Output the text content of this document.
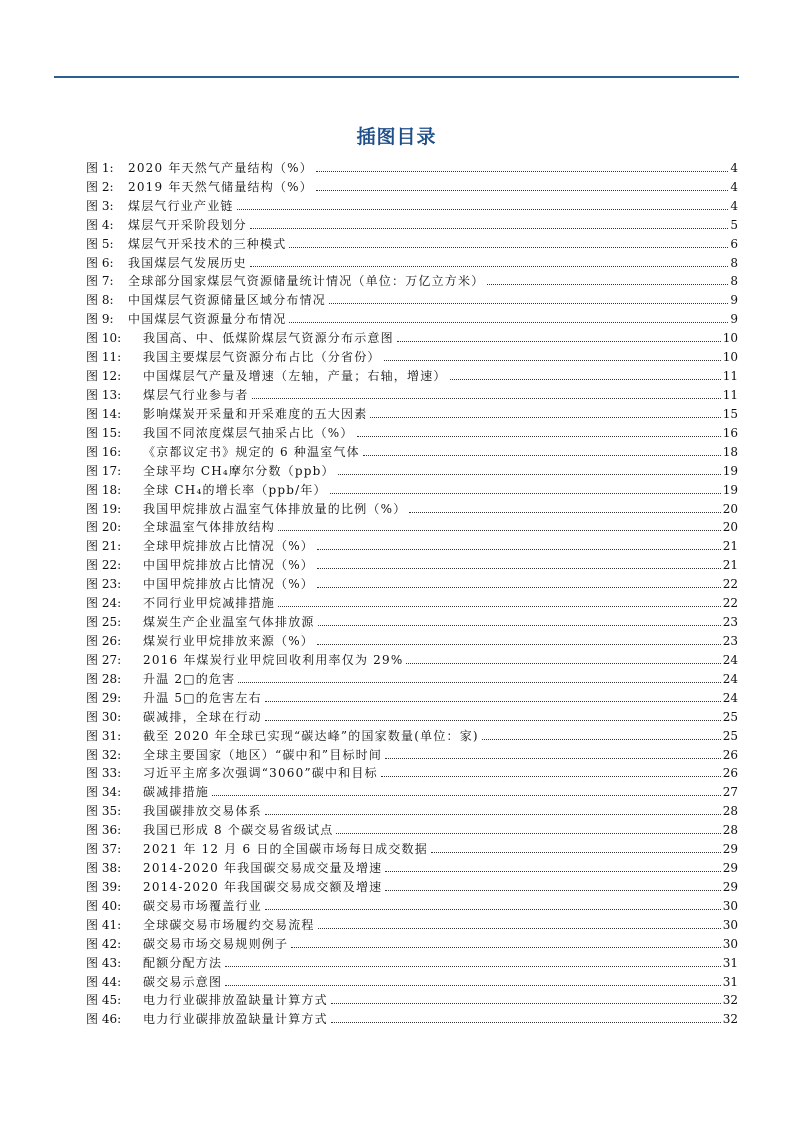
插图目录
图 1:	2020 年天然气产量结构（%）	4
图 2:	2019 年天然气储量结构（%）	4
图 3:	煤层气行业产业链	4
图 4:	煤层气开采阶段划分	5
图 5:	煤层气开采技术的三种模式	6
图 6:	我国煤层气发展历史	8
图 7:	全球部分国家煤层气资源储量统计情况（单位：万亿立方米）	8
图 8:	中国煤层气资源储量区域分布情况	9
图 9:	中国煤层气资源量分布情况	9
图 10:	我国高、中、低煤阶煤层气资源分布示意图	10
图 11:	我国主要煤层气资源分布占比（分省份）	10
图 12:	中国煤层气产量及增速（左轴，产量；右轴，增速）	11
图 13:	煤层气行业参与者	11
图 14:	影响煤炭开采量和开采难度的五大因素	15
图 15:	我国不同浓度煤层气抽采占比（%）	16
图 16:	《京都议定书》规定的 6 种温室气体	18
图 17:	全球平均 CH₄摩尔分数（ppb）	19
图 18:	全球 CH₄的增长率（ppb/年）	19
图 19:	我国甲烷排放占温室气体排放量的比例（%）	20
图 20:	全球温室气体排放结构	20
图 21:	全球甲烷排放占比情况（%）	21
图 22:	中国甲烷排放占比情况（%）	21
图 23:	中国甲烷排放占比情况（%）	22
图 24:	不同行业甲烷减排措施	22
图 25:	煤炭生产企业温室气体排放源	23
图 26:	煤炭行业甲烷排放来源（%）	23
图 27:	2016 年煤炭行业甲烷回收利用率仅为 29%	24
图 28:	升温 2□的危害	24
图 29:	升温 5□的危害左右	24
图 30:	碳减排，全球在行动	25
图 31:	截至 2020 年全球已实现“碳达峰”的国家数量(单位：家)	25
图 32:	全球主要国家（地区）“碳中和”目标时间	26
图 33:	习近平主席多次强调“3060”碳中和目标	26
图 34:	碳减排措施	27
图 35:	我国碳排放交易体系	28
图 36:	我国已形成 8 个碳交易省级试点	28
图 37:	2021 年 12 月 6 日的全国碳市场每日成交数据	29
图 38:	2014-2020 年我国碳交易成交量及增速	29
图 39:	2014-2020 年我国碳交易成交额及增速	29
图 40:	碳交易市场覆盖行业	30
图 41:	全球碳交易市场履约交易流程	30
图 42:	碳交易市场交易规则例子	30
图 43:	配额分配方法	31
图 44:	碳交易示意图	31
图 45:	电力行业碳排放盈缺量计算方式	32
图 46:	电力行业碳排放盈缺量计算方式	32
